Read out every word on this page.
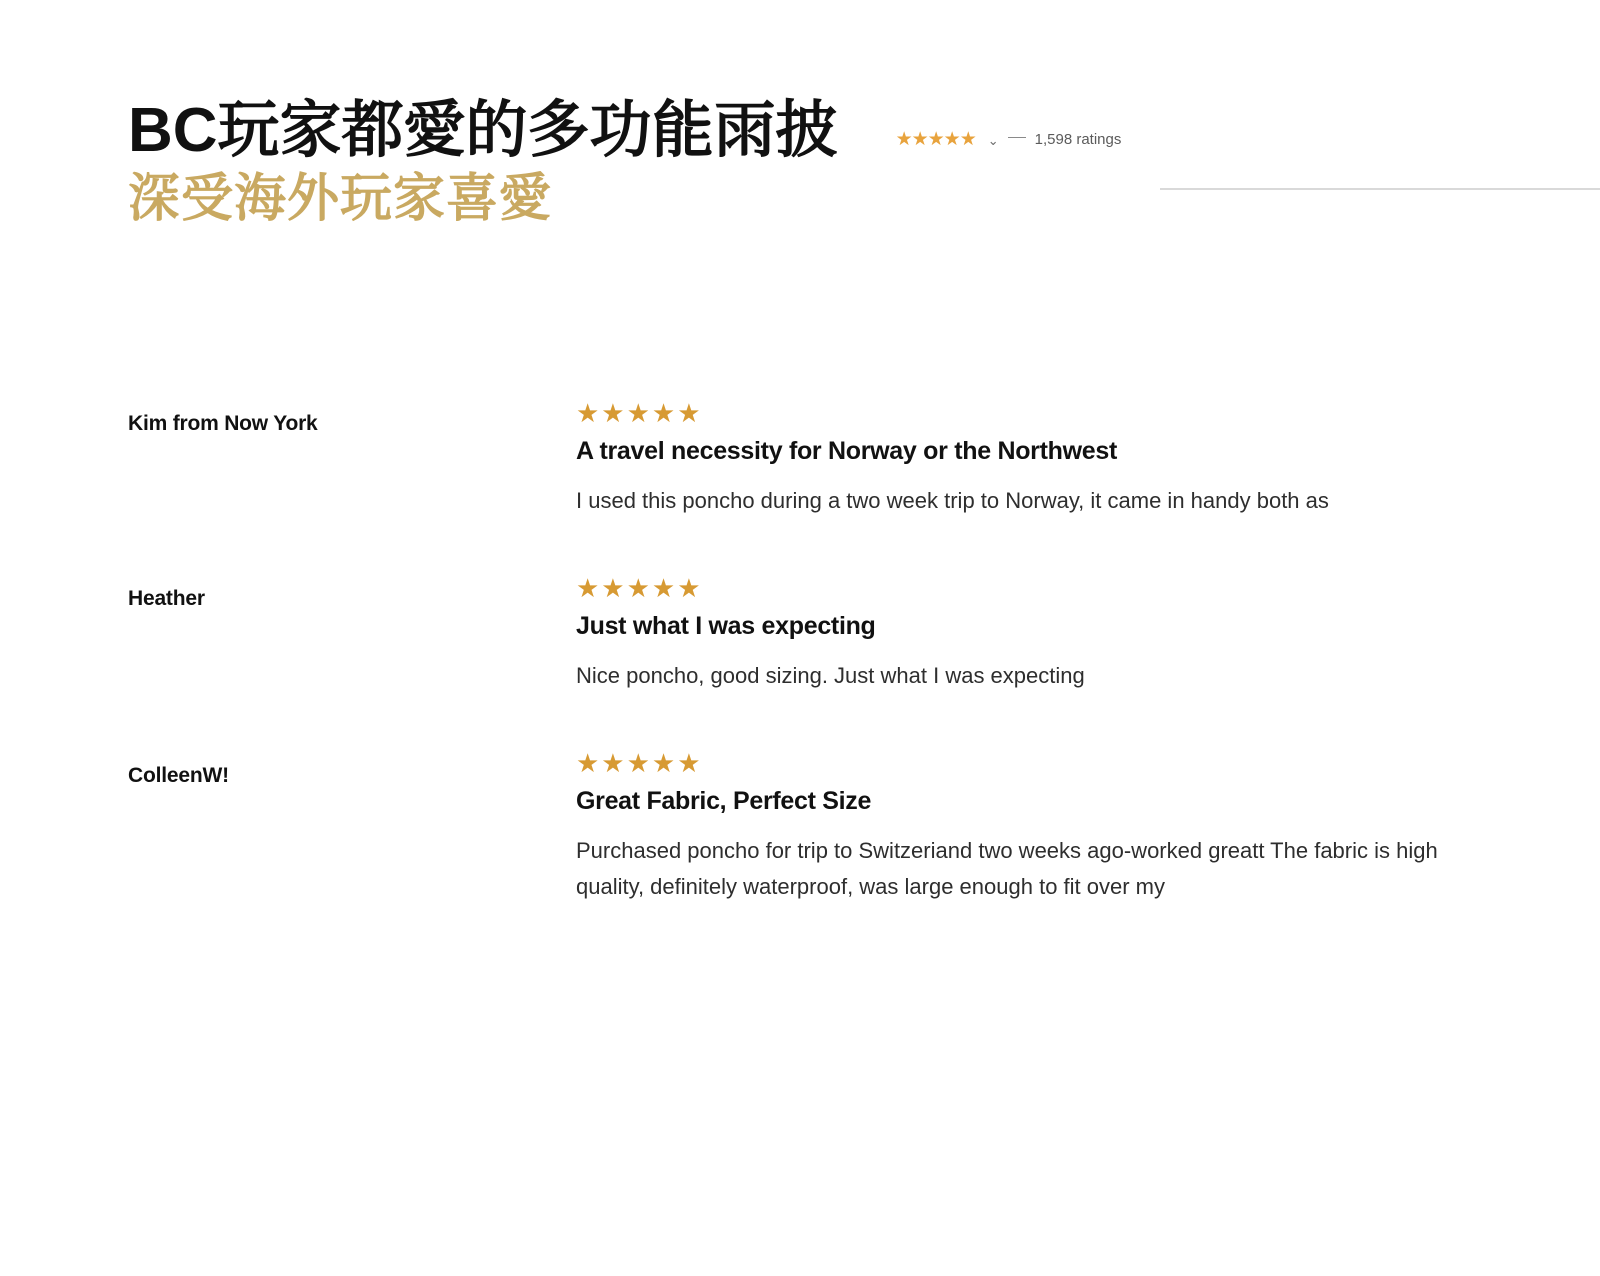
BC玩家都愛的多功能雨披	★★★★★ ⌄ 1,598 ratings
深受海外玩家喜愛
Kim from Now York	★★★★★
A travel necessity for Norway or the Northwest
I used this poncho during a two week trip to Norway, it came in handy both as
Heather	★★★★★
Just what I was expecting
Nice poncho, good sizing. Just what I was expecting
ColleenW!	★★★★★
Great Fabric, Perfect Size
Purchased poncho for trip to Switzeriand two weeks ago-worked greatt The fabric is high quality, definitely waterproof, was large enough to fit over my
